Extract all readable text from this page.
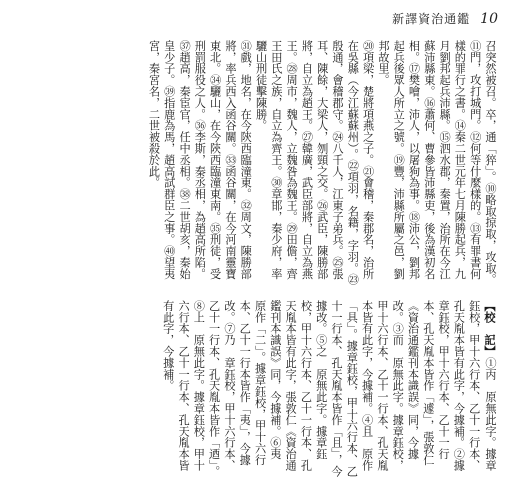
新譯資治通鑑 10

召突然被召。卒，通「猝」。⑩略取掠取，攻取。⑪門，攻打城門。⑫何等什麼樣的。⑬有罪書何樣的罪行之書。⑭秦二世元年七月陳勝起兵，九月劉邦起兵沛縣。⑮泗水郡，秦置，治所在今江蘇沛縣東。⑯蕭何、曹參皆沛縣吏，後為漢初名相。⑰樊噲，沛人，以屠狗為事。⑱沛公，劉邦起兵後眾人所立之號。⑲豐，沛縣所屬之邑，劉邦故里。

⑳項梁，楚將項燕之子。㉑會稽，秦郡名，治所在吳縣（今江蘇蘇州）。㉒項羽，名籍，字羽。㉓殷通，會稽郡守。㉔八千人，江東子弟兵。㉕張耳、陳餘，大梁人，刎頸之交。㉖武臣，陳勝部將，自立為趙王。㉗韓廣，武臣部將，自立為燕王。㉘周市，魏人，立魏咎為魏王。㉙田儋，齊王田氏之族，自立為齊王。㉚章邯，秦少府，率驪山刑徒擊陳勝。

㉛戲，地名，在今陝西臨潼東。㉜周文，陳勝部將，率兵西入函谷關。㉝函谷關，在今河南靈寶東北。㉞驪山，在今陝西臨潼東南。㉟刑徒，受刑罰服役之人。㊱李斯，秦丞相，為趙高所陷。㊲趙高，秦宦官，任中丞相。㊳二世胡亥，秦始皇少子。㊴指鹿為馬，趙高試群臣之事。㊵望夷宮，秦宮名，二世被殺於此。

【校　記】①丙　原無此字。據章鈺校，甲十六行本、乙十一行本、孔天胤本皆有此字，今據補。②據　章鈺校，甲十六行本、乙十一行本、孔天胤本皆作「遽」，張敦仁《資治通鑑刊本識誤》同，今據改。③而　原無此字。據章鈺校，甲十六行本、乙十一行本、孔天胤本皆有此字，今據補。④且　原作「具」。據章鈺校，甲十六行本、乙十一行本、孔天胤本皆作「且」，今據改。⑤之　原無此字。據章鈺校，甲十六行本、乙十一行本、孔天胤本皆有此字，張敦仁《資治通鑑刊本識誤》同，今據補。⑥夷　原作「二」。據章鈺校，甲十六行本、乙十一行本皆作「夷」，今據改。⑦乃　章鈺校，甲十六行本、乙十一行本、孔天胤本皆作「迺」。⑧上　原無此字。據章鈺校，甲十六行本、乙十一行本、孔天胤本皆有此字，今據補。
